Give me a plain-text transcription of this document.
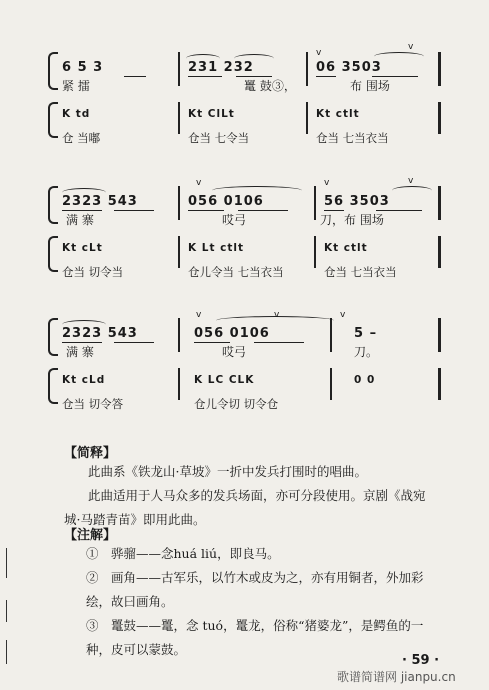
v
v
6 5 3	231 232	06 3503
紧 擂	鼍 鼓③，	布 围场
K td	Kt ClLt	Kt ctlt
仓 当嘟	仓当 七令当	仓当 七当衣当
v	v	v
2323 543	056 0106	56 3503
满 寨	哎弓	刀，布 围场
Kt cLt	K Lt ctlt	Kt ctlt
仓当 切令当	仓儿令当 七当衣当	仓当 七当衣当
v	v	v
2323 543	056 0106	5 –
满 寨	哎弓	刀。
Kt cLd	K LC CLK	0 0
仓当 切令答	仓儿令切 切令仓
【简释】
此曲系《铁龙山·草坡》一折中发兵打围时的唱曲。
此曲适用于人马众多的发兵场面，亦可分段使用。京剧《战宛城·马踏青苗》即用此曲。
【注解】
①　骅骝——念huá liú，即良马。
②　画角——古军乐，以竹木或皮为之，亦有用铜者，外加彩绘，故曰画角。
③　鼍鼓——鼍，念 tuó，鼍龙，俗称“猪婆龙”，是鳄鱼的一种，皮可以蒙鼓。
· 59 ·
歌谱简谱网 jianpu.cn
